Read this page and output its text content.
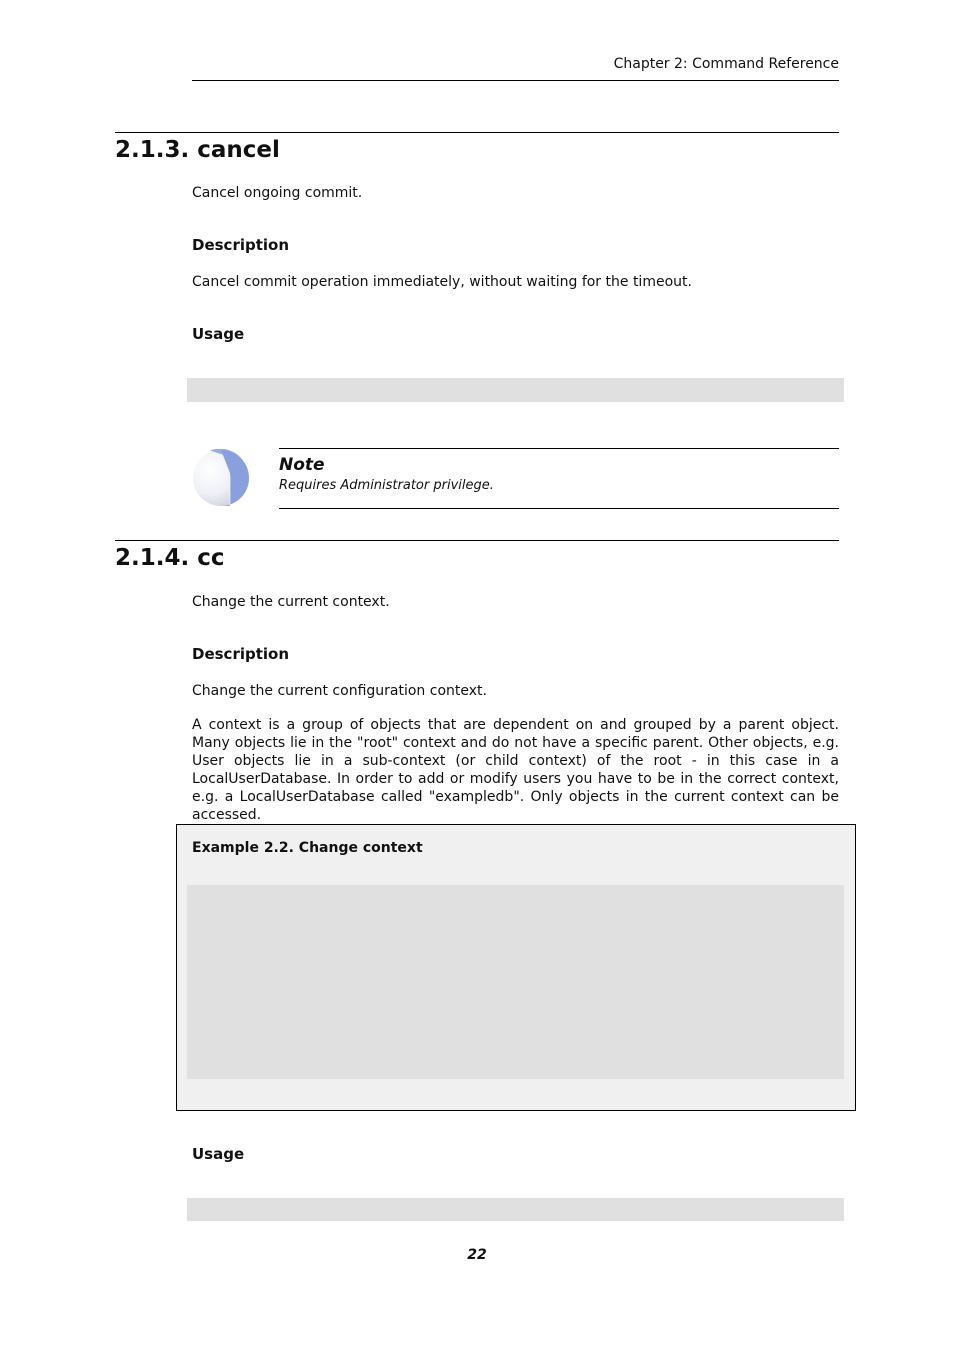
Chapter 2: Command Reference
2.1.3. cancel
Cancel ongoing commit.
Description
Cancel commit operation immediately, without waiting for the timeout.
Usage
Note
Requires Administrator privilege.
2.1.4. cc
Change the current context.
Description
Change the current configuration context.
A context is a group of objects that are dependent on and grouped by a parent object. Many objects lie in the "root" context and do not have a specific parent. Other objects, e.g. User objects lie in a sub-context (or child context) of the root - in this case in a LocalUserDatabase. In order to add or modify users you have to be in the correct context, e.g. a LocalUserDatabase called "exampledb". Only objects in the current context can be accessed.
Example 2.2. Change context
Usage
22
